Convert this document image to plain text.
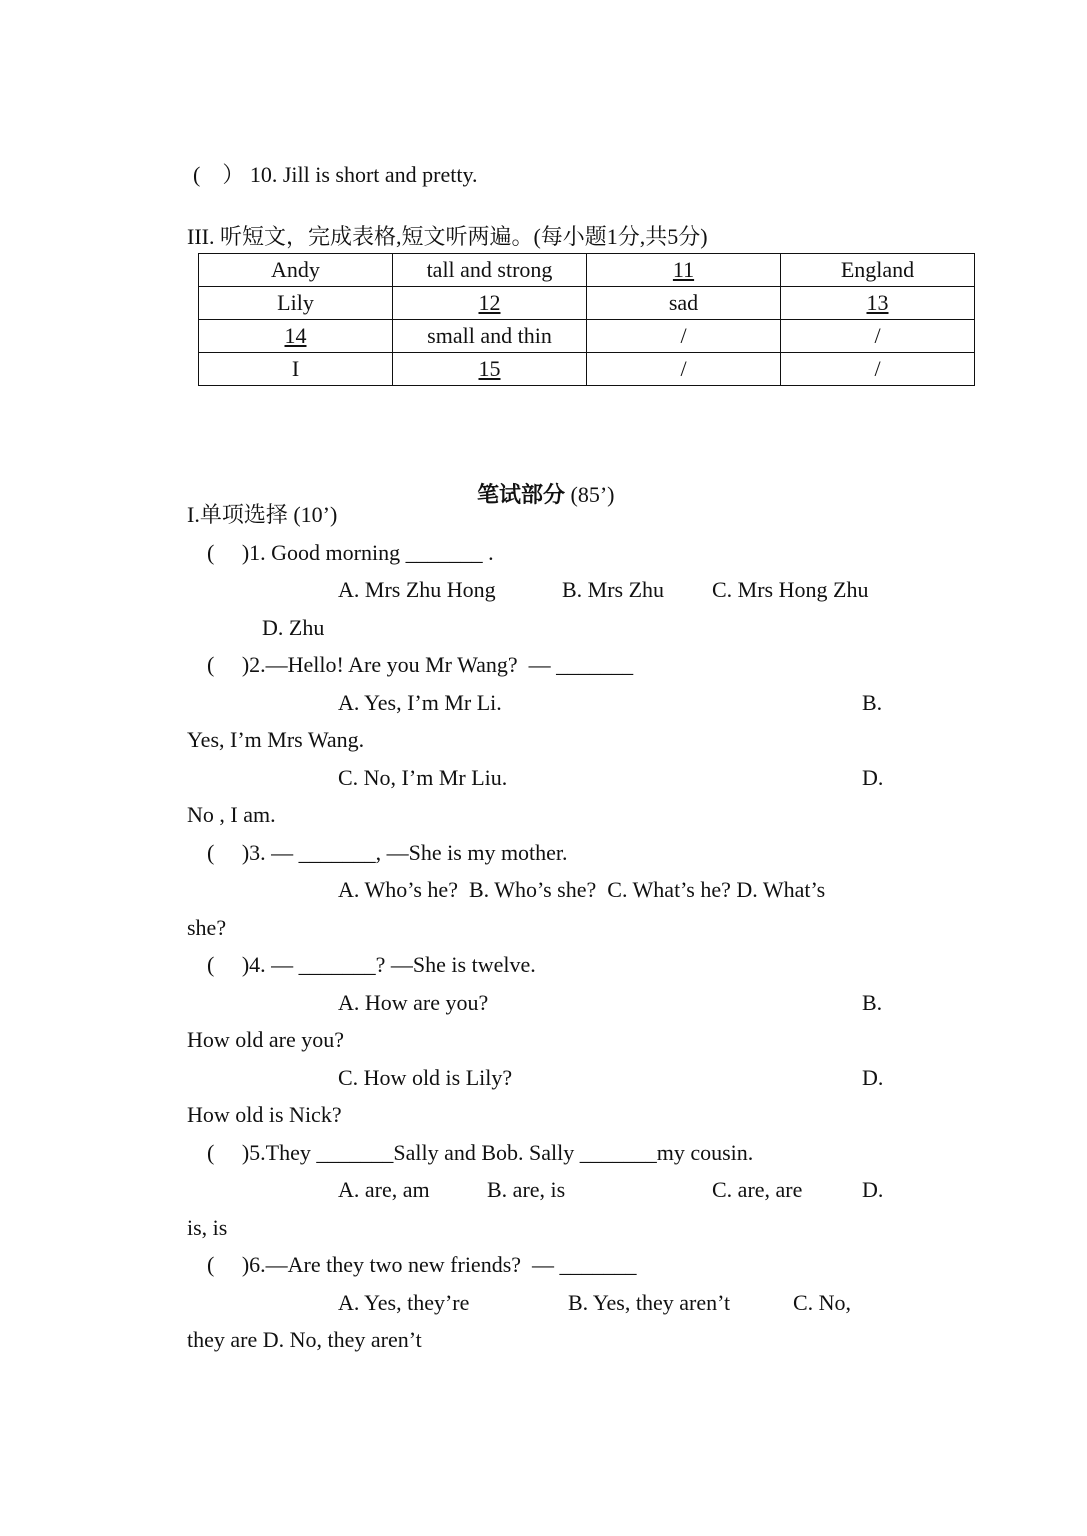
(　） 10. Jill is short and pretty.
III. 听短文，完成表格,短文听两遍。(每小题1分,共5分)
Andy	tall and strong	11	England
Lily	12	sad	13
14	small and thin	/	/
I	15	/	/

笔试部分 (85’)

I.单项选择 (10’)
(　 )1. Good morning _______ .
A. Mrs Zhu Hong	B. Mrs Zhu C. Mrs Hong Zhu
D. Zhu
(　 )2.—Hello! Are you Mr Wang?  — _______
A. Yes, I’m Mr Li.	B.
Yes, I’m Mrs Wang.
C. No, I’m Mr Liu.	D.
No , I am.
(　 )3. — _______, —She is my mother.
A. Who’s he?  B. Who’s she?  C. What’s he? D. What’s
she?
(　 )4. — _______? —She is twelve.
A. How are you?	B.
How old are you?
C. How old is Lily?	D.
How old is Nick?
(　 )5.They _______Sally and Bob. Sally _______my cousin.
A. are, am	B. are, is	C. are, are	D.
is, is
(　 )6.—Are they two new friends?  — _______
A. Yes, they’re	B. Yes, they aren’t	C. No,
they are D. No, they aren’t
